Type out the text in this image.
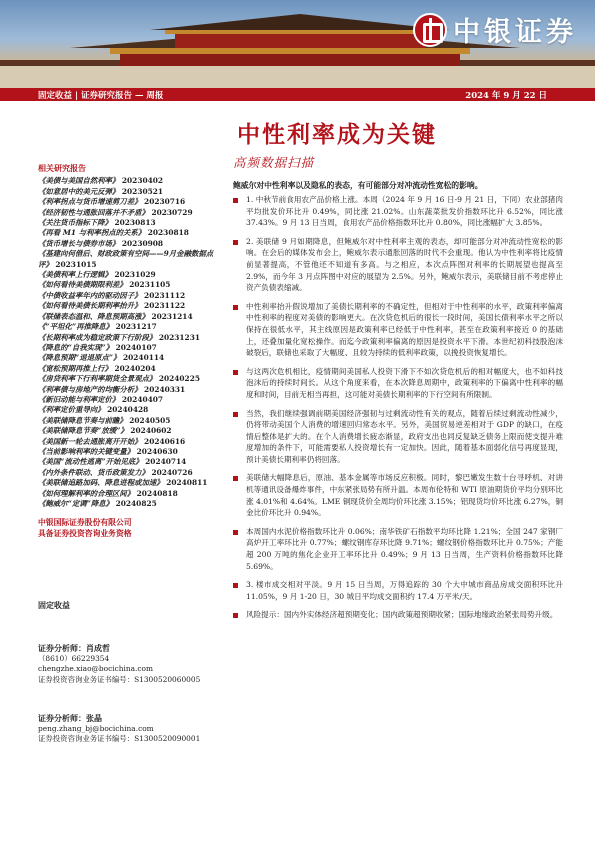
中银证券
固定收益 | 证券研究报告 — 周报	2024 年 9 月 22 日
中性利率成为关键
高频数据扫描
相关研究报告
《美债与美国自然利率》 20230402
《如意居中的美元反弹》 20230521
《利率拐点与货币增速剪刀差》 20230716
《经济韧性与通胀回落并不矛盾》 20230729
《关注货币指标下降》 20230813
《再看 M1 与利率拐点的关系》 20230818
《货币增长与债券市场》 20230908
《基建向何借后、财政政策有空间——9月金融数据点评》 20231015
《美债利率上行逻辑》 20231029
《如何看待美债期限利差》 20231105
《中债收益率年内的驱动因子》 20231112
《如何看待美债长期利率抬升》 20231122
《联储表态温和、降息预期高涨》 20231214
《“平坦化”再推降息》 20231217
《长期利率成为稳定政策下行阶段》 20231231
《降息的“自我实现”》 20240107
《降息预期“退退原点”》 20240114
《宽松预期再推上行》 20240204
《房贷利率下行利率期货全景观点》 20240225
《利率债与房地产的均衡分析》 20240331
《新旧动能与利率定价》 20240407
《利率定价重导向》 20240428
《美联储降息节奏与前瞻》 20240505
《美联储降息节奏“放缓”》 20240602
《美国新一轮去通胀离开开始》 20240616
《当前影响利率的关键变量》 20240630
《美国“流动性逃离”开始见底》 20240714
《内外条件联动、货币政策发力》 20240726
《美联储追路加码、降息进程或加速》 20240811
《如何理解利率的合理区间》 20240818
《鲍威尔“定调”降息》 20240825
中银国际证券股份有限公司
具备证券投资咨询业务资格
固定收益
证券分析师：肖成哲
（8610）66229354
chengzhe.xiao@bocichina.com
证券投资咨询业务证书编号：S1300520060005
证券分析师：张晶
peng.zhang_bj@bocichina.com
证券投资咨询业务证书编号：S1300520090001
鲍威尔对中性利率以及隐私的表态，有可能部分对冲流动性宽松的影响。
1. 中秋节前食用农产品价格上涨。本周（2024 年 9 月 16 日-9 月 21 日，下同）农业部猪肉平均批发价环比升 0.49%，同比涨 21.02%。山东蔬菜批发价指数环比升 6.52%，同比涨 37.43%。9 月 13 日当周，食用农产品价格指数环比升 0.80%，同比涨幅扩大 3.85%。
2. 美联储 9 月如期降息，但鲍威尔对中性利率主观的表态，却可能部分对冲流动性宽松的影响。在会后的媒体发布会上，鲍威尔表示通胀回落的时代不会重现。他认为中性利率将比疫情前显著提高，不管他还不知道有多高。与之相应，本次点阵图对利率的长期展望也提高至 2.9%，而今年 3 月点阵图中对应的展望为 2.5%。另外，鲍威尔表示，美联储目前不考虑停止资产负债表缩减。
中性利率抬升假说增加了美债长期利率的不确定性，但相对于中性利率的水平，政策利率偏离中性利率的程度对美债的影响更大。在次贷危机后的很长一段时间，美国长债利率水平之所以保持在很低水平，其主线原因是政策利率已经低于中性利率，甚至在政策利率接近 0 的基础上，还叠加量化宽松操作。而迄今政策利率偏离的原因是投资水平下滑。本世纪初科技股泡沫破裂后，联储也采取了大幅度、且较为持续的低利率政策，以挽投资恢复增长。
与这两次危机相比，疫情期间美国私人投资下滑下不如次贷危机后的相对幅度大，也不如科技泡沫后的持续时间长。从这个角度来看，在本次降息周期中，政策利率的下偏离中性利率的幅度和时间，目前无相当再担，这可能对美债长期利率的下行空间有所限制。
当然，我们继续强调前期美国经济强韧与过剩流动性有关的观点，随着后续过剩流动性减少，仍将带动美国个人消费的增速回归常态水平。另外，美国贸易逆差相对于 GDP 的缺口，在疫情后整体是扩大的。在个人消费增长疲态渐显，政府支出也同反复缺乏债务上限而使支提升难度增加的条件下，可能需要私人投资增长有一定加快。因此，随着基本面弱化信号再度显现，预计美债长期利率仍将回落。
美联储大幅降息后，原油、基本金属等市场反应积极。同时，黎巴嫩发生数十台寻呼机、对讲机等通讯设备爆炸事件，中东紧张局势有所升温。本周布伦特和 WTI 原油期货价平均分别环比涨 4.01%和 4.64%。LME 铜现货价全周均价环比涨 3.15%；铝现货均价环比涨 6.27%，铜金比价环比升 0.94%。
本周国内水泥价格指数环比升 0.06%；南华铁矿石指数平均环比降 1.21%；全国 247 家钢厂高炉开工率环比升 0.77%；螺纹钢库存环比降 9.71%；螺纹钢价格指数环比升 0.75%；产能超 200 万吨的焦化企业开工率环比升 0.49%；9 月 13 日当周，生产资料价格指数环比降 5.69%。
3. 楼市成交相对平淡。9 月 15 日当周，万得追踪的 30 个大中城市商品房成交面积环比升 11.05%，9 月 1-20 日，30 城日平均成交面积约 17.4 万平米/天。
风险提示：国内外实体经济超预期变化；国内政策超预期收紧；国际地缘政治紧张局势升级。
